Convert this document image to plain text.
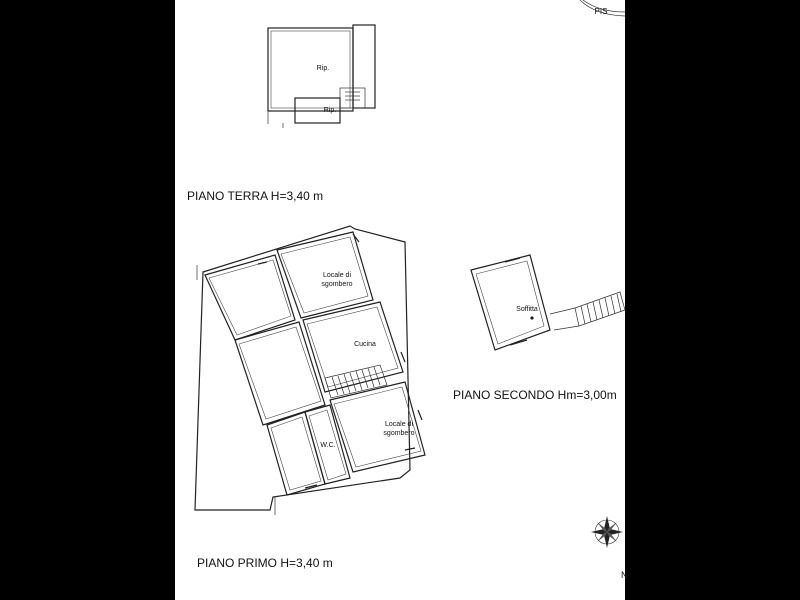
PIS
Rip.
Rip.
PIANO TERRA H=3,40 m
Locale di
sgombero
Cucina
W.C.
Locale di
sgombero
PIANO PRIMO H=3,40 m
Soffitta
PIANO SECONDO Hm=3,00m
N
